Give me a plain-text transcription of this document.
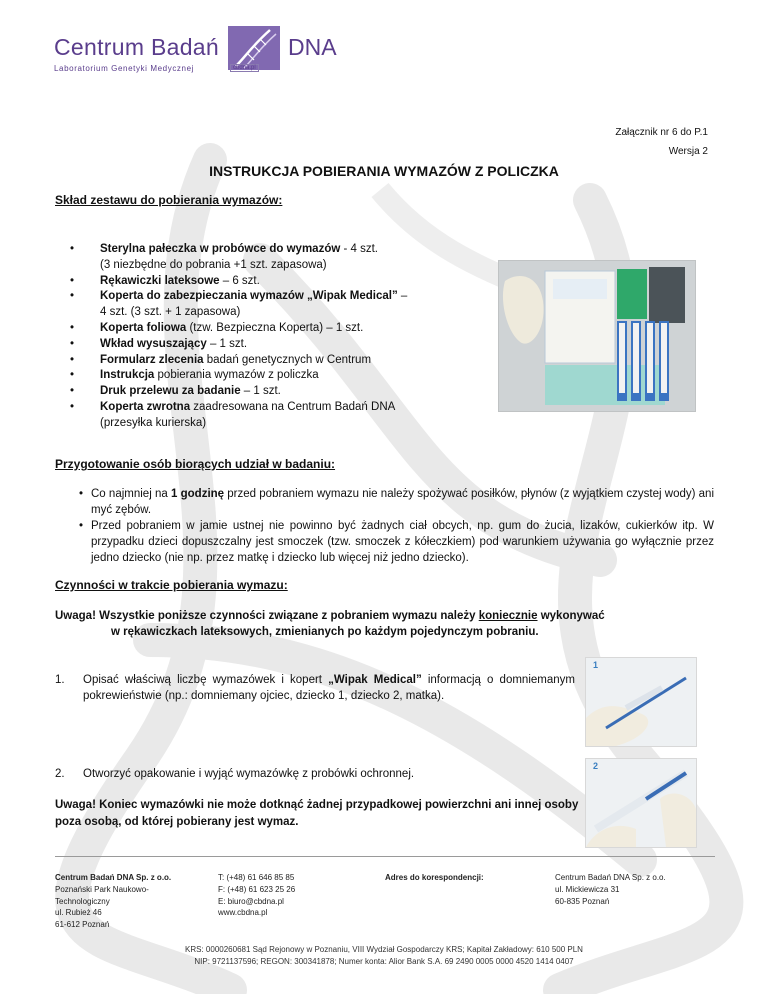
Centrum Badań	DNA
Laboratorium Genetyki Medycznej	cbdna.pl
Załącznik nr 6 do P.1
Wersja 2
INSTRUKCJA POBIERANIA WYMAZÓW Z POLICZKA
Skład zestawu do pobierania wymazów:
• Sterylna pałeczka w probówce do wymazów - 4 szt.
(3 niezbędne do pobrania +1 szt. zapasowa)
• Rękawiczki lateksowe – 6 szt.
• Koperta do zabezpieczania wymazów „Wipak Medical” –
4 szt. (3 szt. + 1 zapasowa)
• Koperta foliowa (tzw. Bezpieczna Koperta) – 1 szt.
• Wkład wysuszający – 1 szt.
• Formularz zlecenia badań genetycznych w Centrum
• Instrukcja pobierania wymazów z policzka
• Druk przelewu za badanie – 1 szt.
• Koperta zwrotna zaadresowana na Centrum Badań DNA
(przesyłka kurierska)
Przygotowanie osób biorących udział w badaniu:
• Co najmniej na 1 godzinę przed pobraniem wymazu nie należy spożywać posiłków, płynów (z wyjątkiem czystej wody) ani myć zębów.
• Przed pobraniem w jamie ustnej nie powinno być żadnych ciał obcych, np. gum do żucia, lizaków, cukierków itp. W przypadku dzieci dopuszczalny jest smoczek (tzw. smoczek z kółeczkiem) pod warunkiem używania go wyłącznie przez jedno dziecko (nie np. przez matkę i dziecko lub więcej niż jedno dziecko).
Czynności w trakcie pobierania wymazu:
Uwaga! Wszystkie poniższe czynności związane z pobraniem wymazu należy koniecznie wykonywać
w rękawiczkach lateksowych, zmienianych po każdym pojedynczym pobraniu.
1.	Opisać właściwą liczbę wymazówek i kopert „Wipak Medical” informacją o domniemanym pokrewieństwie (np.: domniemany ojciec, dziecko 1, dziecko 2, matka).
1
2.	Otworzyć opakowanie i wyjąć wymazówkę z probówki ochronnej.
2
Uwaga! Koniec wymazówki nie może dotknąć żadnej przypadkowej powierzchni ani innej osoby poza osobą, od której pobierany jest wymaz.
Centrum Badań DNA Sp. z o.o.
Poznański Park Naukowo-
Technologiczny
ul. Rubież 46
61-612 Poznań
T: (+48) 61 646 85 85
F: (+48) 61 623 25 26
E: biuro@cbdna.pl
www.cbdna.pl
Adres do korespondencji:	Centrum Badań DNA Sp. z o.o.
ul. Mickiewicza 31
60-835 Poznań
KRS: 0000260681 Sąd Rejonowy w Poznaniu, VIII Wydział Gospodarczy KRS; Kapitał Zakładowy: 610 500 PLN
NIP: 9721137596; REGON: 300341878; Numer konta: Alior Bank S.A. 69 2490 0005 0000 4520 1414 0407
